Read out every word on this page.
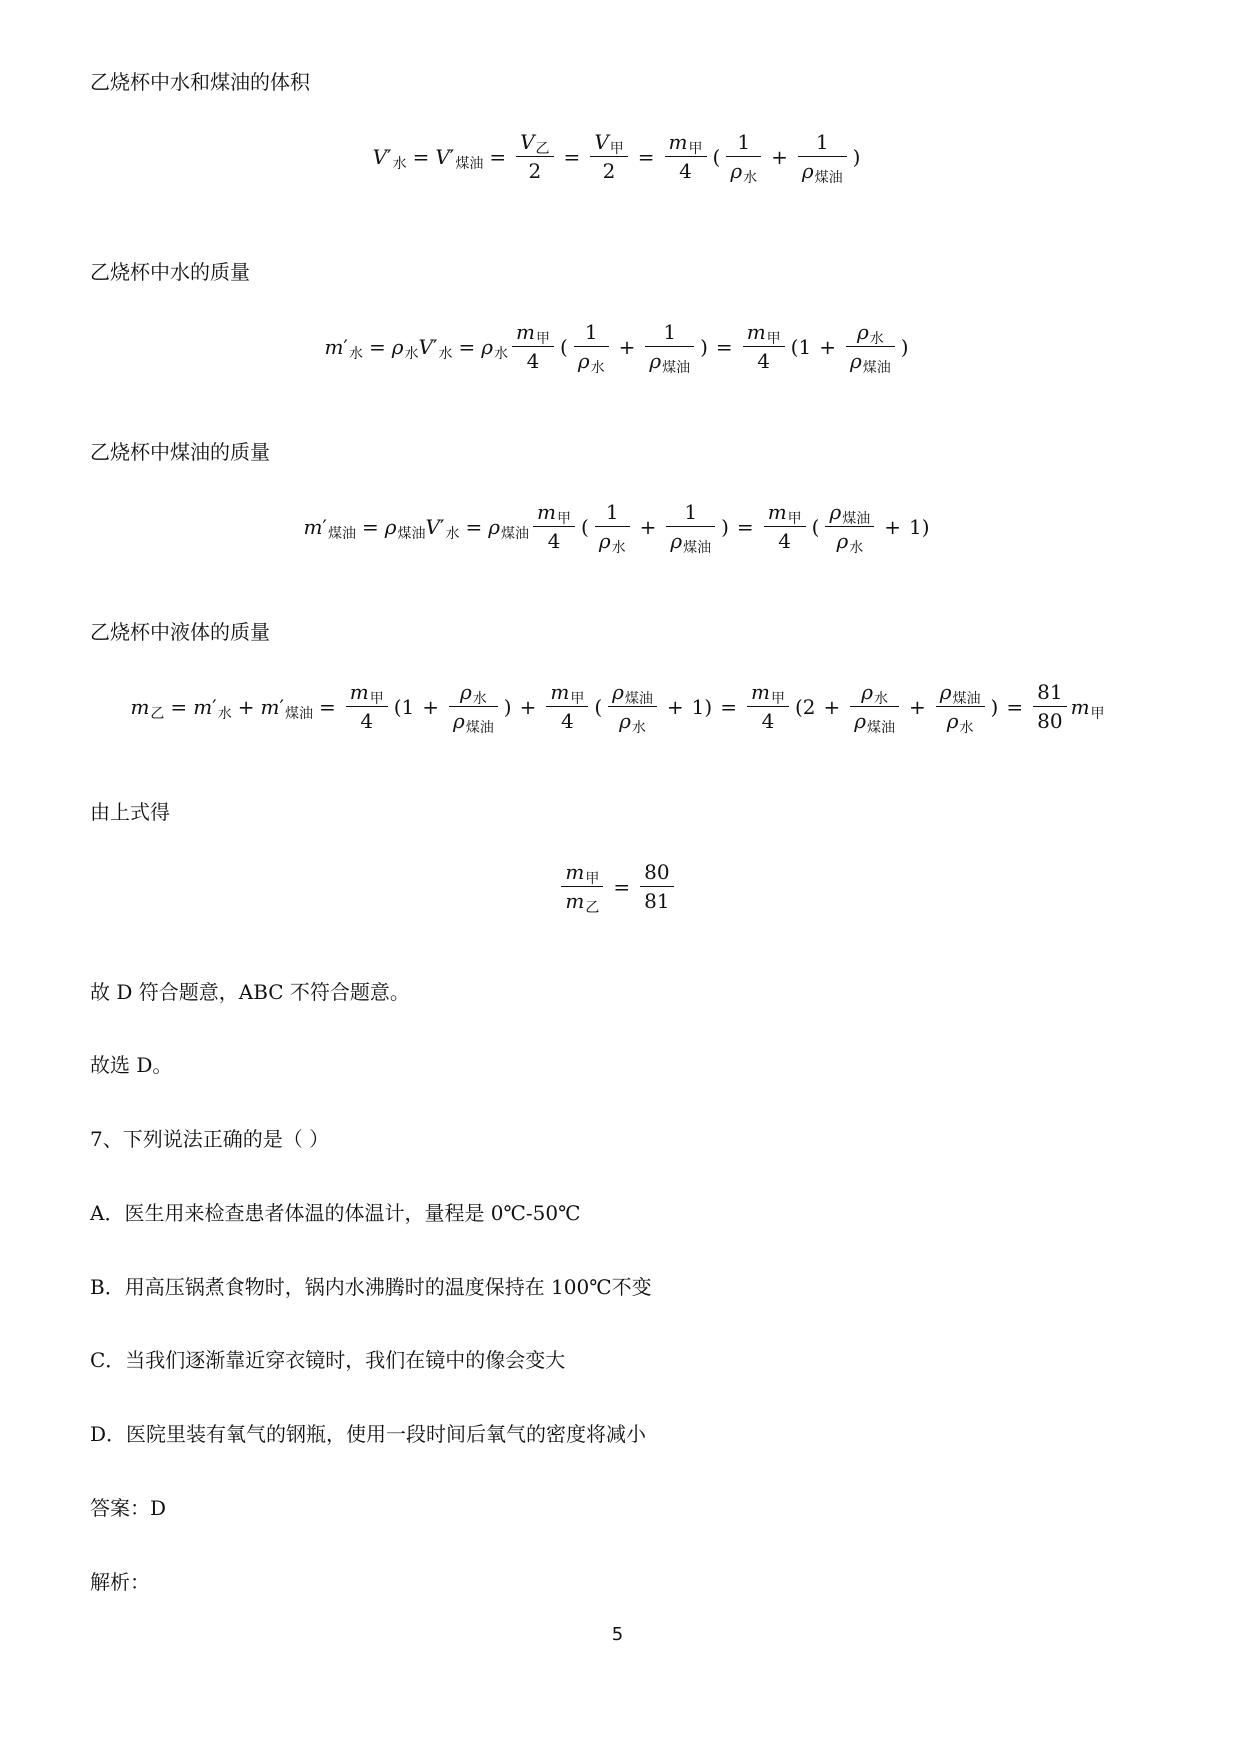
乙烧杯中水和煤油的体积
V ′ 水 = V ′ 煤油 = $\frac{\text{V 乙}}{2} = \frac{\text{V 甲}}{2} = \frac{\text{m 甲}}{4}$ ( $\frac{1}{\text{ρ 水}} + \frac{1}{\text{ρ 煤油}}$ )
乙烧杯中水的质量
m ′ 水 = ρ 水 V ′ 水 = ρ 水 $\frac{\text{m 甲}}{4}$ ( $\frac{1}{\text{ρ 水}} + \frac{1}{\text{ρ 煤油}}$ ) = $\frac{\text{m 甲}}{4} (1 + \frac{\text{ρ 水}}{\text{ρ 煤油}}$ )
乙烧杯中煤油的质量
m ′ 煤油 = ρ 煤油 V ′ 水 = ρ 煤油 $\frac{\text{m 甲}}{4}$ ( $\frac{1}{\text{ρ 水}} + \frac{1}{\text{ρ 煤油}}$ ) = $\frac{\text{m 甲}}{4}$ ( $\frac{\text{ρ 煤油}}{\text{ρ 水}} + 1$)
乙烧杯中液体的质量
m 乙 = m ′ 水 + m ′ 煤油 = $\frac{\text{m 甲}}{4} (1 + \frac{\text{ρ 水}}{\text{ρ 煤油}}$ ) + $\frac{\text{m 甲}}{4}$ ( $\frac{\text{ρ 煤油}}{\text{ρ 水}} + 1) = \frac{\text{m 甲}}{4} (2 + \frac{\text{ρ 水}}{\text{ρ 煤油}} + \frac{\text{ρ 煤油}}{\text{ρ 水}}$ ) = $\frac{81}{80}$ m 甲
由上式得
$\frac{\text{m 甲}}{\text{m 乙}} = \frac{80}{81}$
故 D 符合题意，ABC 不符合题意。
故选 D。
7、下列说法正确的是（ ）
A．医生用来检查患者体温的体温计，量程是 0℃-50℃
B．用高压锅煮食物时，锅内水沸腾时的温度保持在 100℃不变
C．当我们逐渐靠近穿衣镜时，我们在镜中的像会变大
D．医院里装有氧气的钢瓶，使用一段时间后氧气的密度将减小
答案：D
解析：
5
